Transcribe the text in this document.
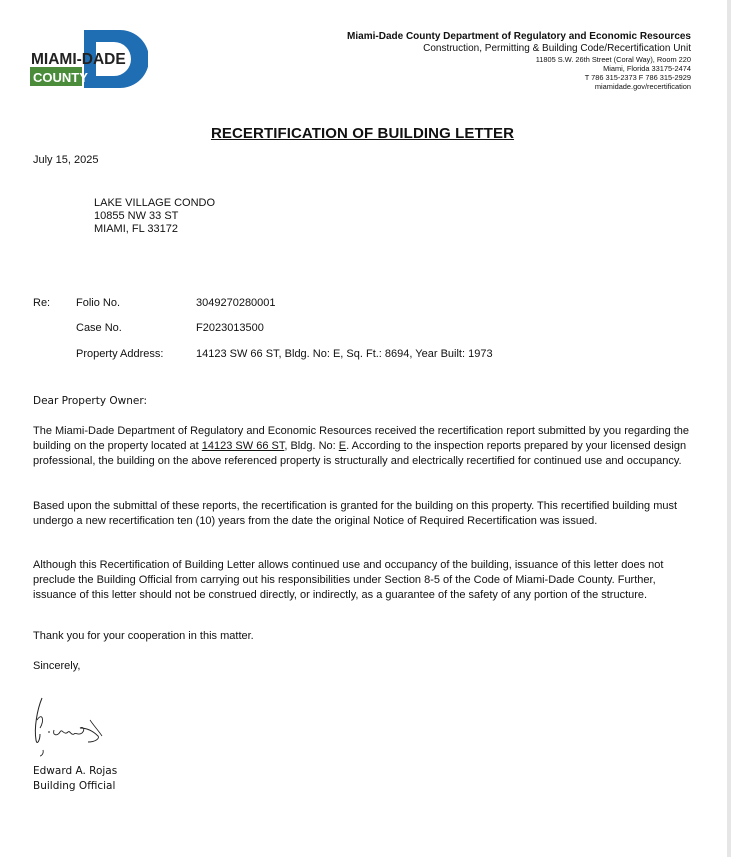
MIAMI-DADE
COUNTY
Miami-Dade County Department of Regulatory and Economic Resources
Construction, Permitting & Building Code/Recertification Unit
11805 S.W. 26th Street (Coral Way), Room 220
Miami, Florida 33175-2474
T 786 315-2373 F 786 315-2929
miamidade.gov/recertification
RECERTIFICATION OF BUILDING LETTER
July 15, 2025
LAKE VILLAGE CONDO
10855 NW 33 ST
MIAMI, FL 33172
Re: Folio No.	3049270280001
Case No.	F2023013500
Property Address:	14123 SW 66 ST, Bldg. No: E, Sq. Ft.: 8694, Year Built: 1973
Dear Property Owner:
The Miami-Dade Department of Regulatory and Economic Resources received the recertification report submitted by you regarding the building on the property located at 14123 SW 66 ST, Bldg. No: E. According to the inspection reports prepared by your licensed design professional, the building on the above referenced property is structurally and electrically recertified for continued use and occupancy.
Based upon the submittal of these reports, the recertification is granted for the building on this property. This recertified building must undergo a new recertification ten (10) years from the date the original Notice of Required Recertification was issued.
Although this Recertification of Building Letter allows continued use and occupancy of the building, issuance of this letter does not preclude the Building Official from carrying out his responsibilities under Section 8-5 of the Code of Miami-Dade County. Further, issuance of this letter should not be construed directly, or indirectly, as a guarantee of the safety of any portion of the structure.
Thank you for your cooperation in this matter.
Sincerely,
Edward A. Rojas
Building Official
